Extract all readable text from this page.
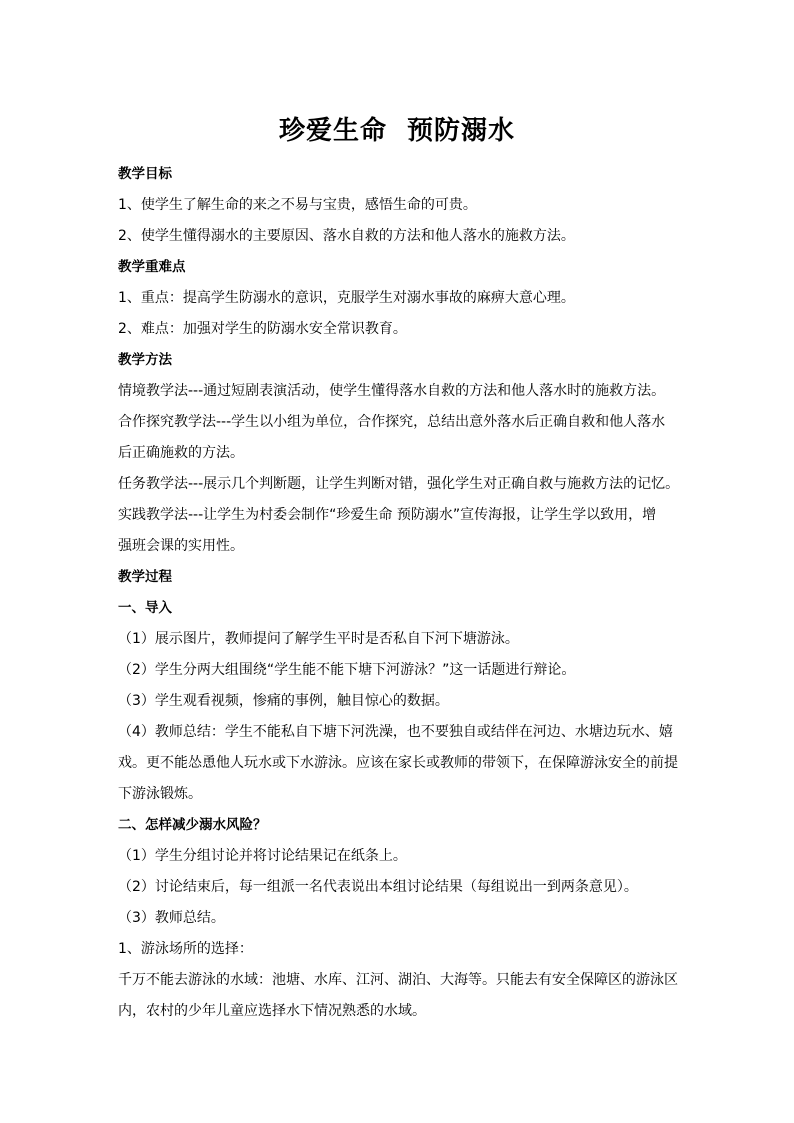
珍爱生命  预防溺水
教学目标
1、使学生了解生命的来之不易与宝贵，感悟生命的可贵。
2、使学生懂得溺水的主要原因、落水自救的方法和他人落水的施救方法。
教学重难点
1、重点：提高学生防溺水的意识，克服学生对溺水事故的麻痹大意心理。
2、难点：加强对学生的防溺水安全常识教育。
教学方法
情境教学法---通过短剧表演活动，使学生懂得落水自救的方法和他人落水时的施救方法。
合作探究教学法---学生以小组为单位，合作探究，总结出意外落水后正确自救和他人落水
后正确施救的方法。
任务教学法---展示几个判断题，让学生判断对错，强化学生对正确自救与施救方法的记忆。
实践教学法---让学生为村委会制作“珍爱生命 预防溺水”宣传海报，让学生学以致用，增
强班会课的实用性。
教学过程
一、导入
（1）展示图片，教师提问了解学生平时是否私自下河下塘游泳。
（2）学生分两大组围绕“学生能不能下塘下河游泳？”这一话题进行辩论。
（3）学生观看视频，惨痛的事例，触目惊心的数据。
（4）教师总结：学生不能私自下塘下河洗澡，也不要独自或结伴在河边、水塘边玩水、嬉
戏。更不能怂恿他人玩水或下水游泳。应该在家长或教师的带领下，在保障游泳安全的前提
下游泳锻炼。
二、怎样减少溺水风险？
（1）学生分组讨论并将讨论结果记在纸条上。
（2）讨论结束后，每一组派一名代表说出本组讨论结果（每组说出一到两条意见）。
（3）教师总结。
1、游泳场所的选择：
千万不能去游泳的水域：池塘、水库、江河、湖泊、大海等。只能去有安全保障区的游泳区
内，农村的少年儿童应选择水下情况熟悉的水域。
